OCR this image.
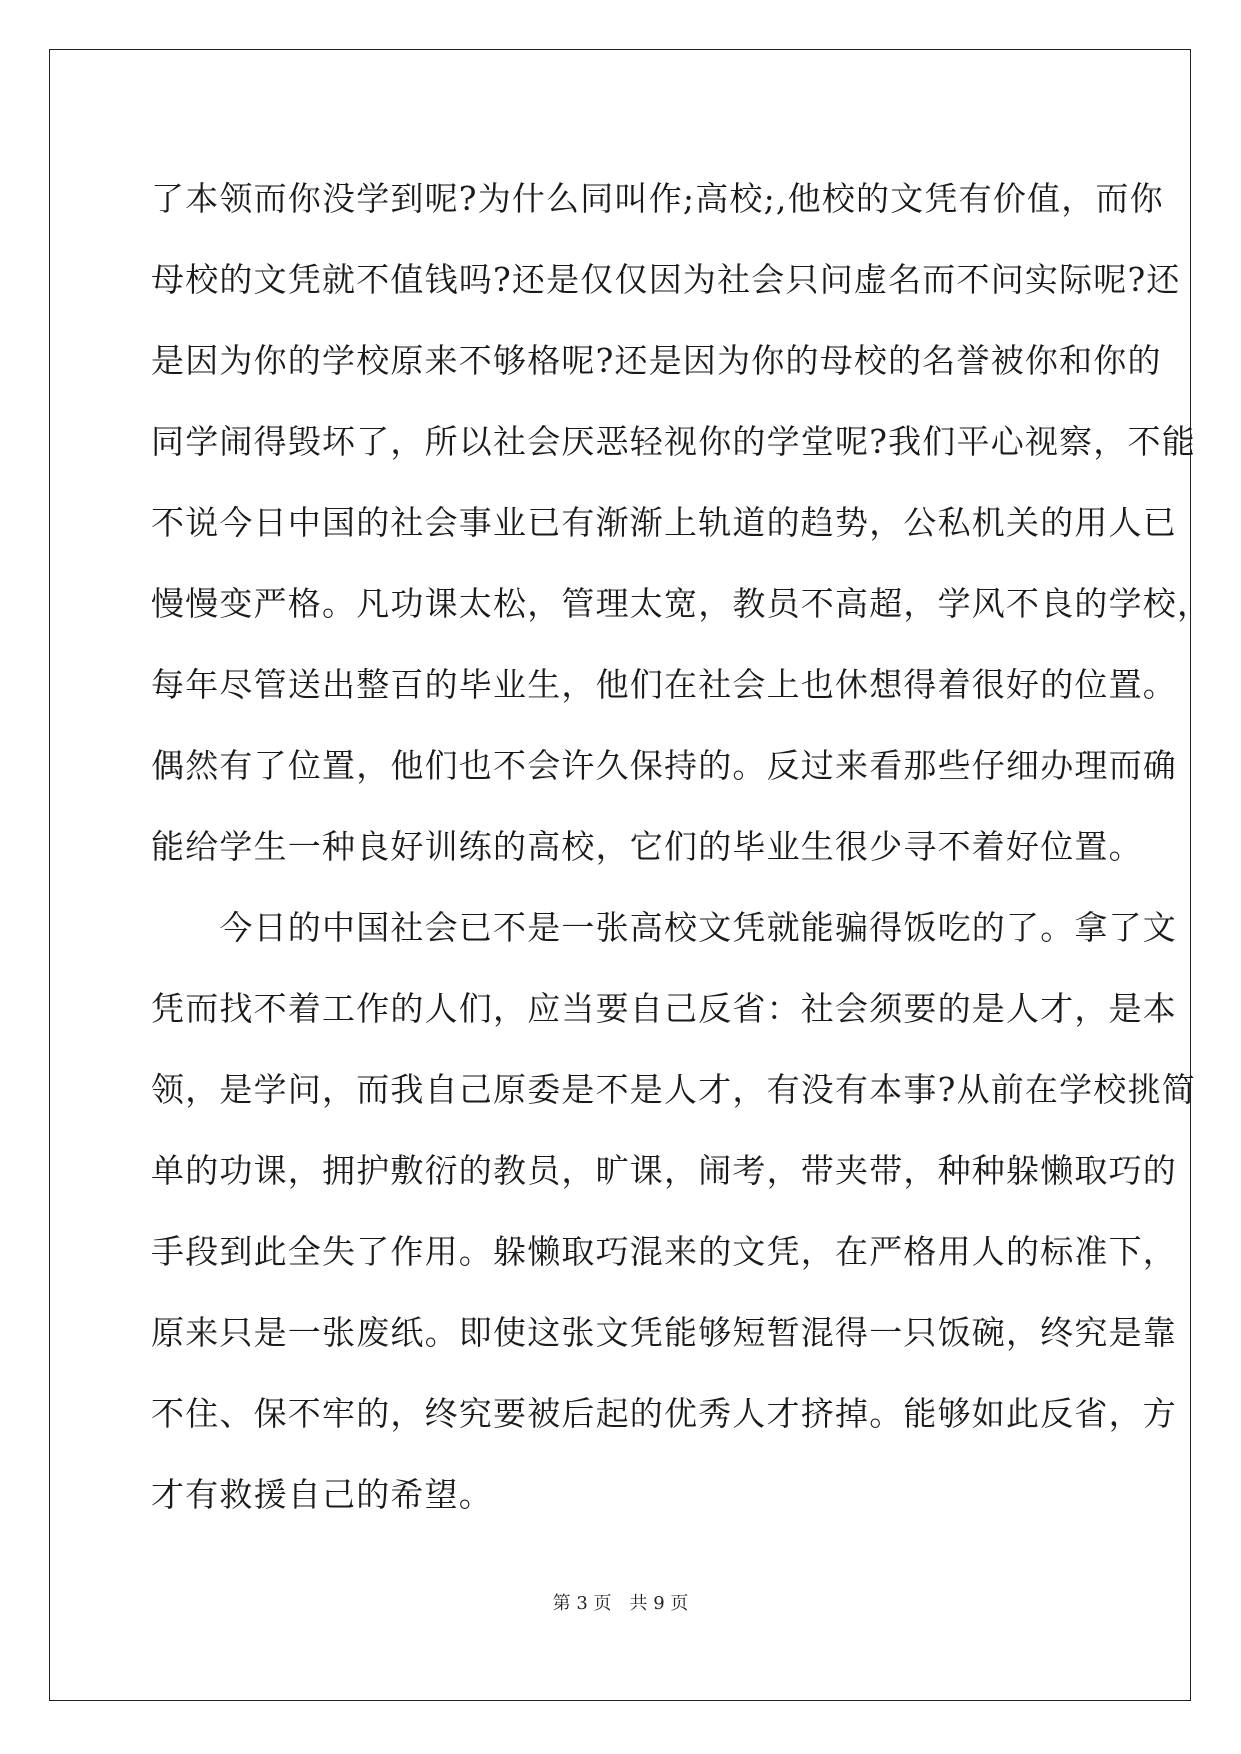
了本领而你没学到呢?为什么同叫作;高校;,他校的文凭有价值，而你
母校的文凭就不值钱吗?还是仅仅因为社会只问虚名而不问实际呢?还
是因为你的学校原来不够格呢?还是因为你的母校的名誉被你和你的
同学闹得毁坏了，所以社会厌恶轻视你的学堂呢?我们平心视察，不能
不说今日中国的社会事业已有渐渐上轨道的趋势，公私机关的用人已
慢慢变严格。凡功课太松，管理太宽，教员不高超，学风不良的学校，
每年尽管送出整百的毕业生，他们在社会上也休想得着很好的位置。
偶然有了位置，他们也不会许久保持的。反过来看那些仔细办理而确
能给学生一种良好训练的高校，它们的毕业生很少寻不着好位置。
　　今日的中国社会已不是一张高校文凭就能骗得饭吃的了。拿了文
凭而找不着工作的人们，应当要自己反省：社会须要的是人才，是本
领，是学问，而我自己原委是不是人才，有没有本事?从前在学校挑简
单的功课，拥护敷衍的教员，旷课，闹考，带夹带，种种躲懒取巧的
手段到此全失了作用。躲懒取巧混来的文凭，在严格用人的标准下，
原来只是一张废纸。即使这张文凭能够短暂混得一只饭碗，终究是靠
不住、保不牢的，终究要被后起的优秀人才挤掉。能够如此反省，方
才有救援自己的希望。
第 3 页　共 9 页
